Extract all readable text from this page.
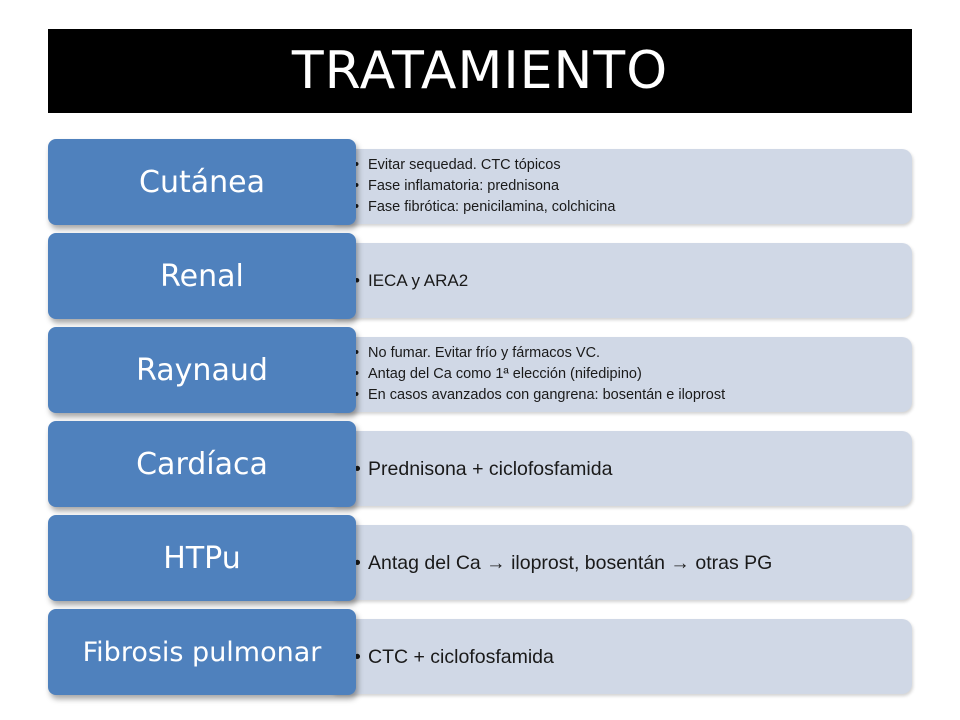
TRATAMIENTO
• Evitar sequedad. CTC tópicos
• Fase inflamatoria: prednisona
• Fase fibrótica: penicilamina, colchicina
Cutánea
• IECA y ARA2
Renal
• No fumar. Evitar frío y fármacos VC.
• Antag del Ca como 1ª elección (nifedipino)
• En casos avanzados con gangrena: bosentán e iloprost
Raynaud
• Prednisona + ciclofosfamida
Cardíaca
• Antag del Ca → iloprost, bosentán → otras PG
HTPu
• CTC + ciclofosfamida
Fibrosis pulmonar
